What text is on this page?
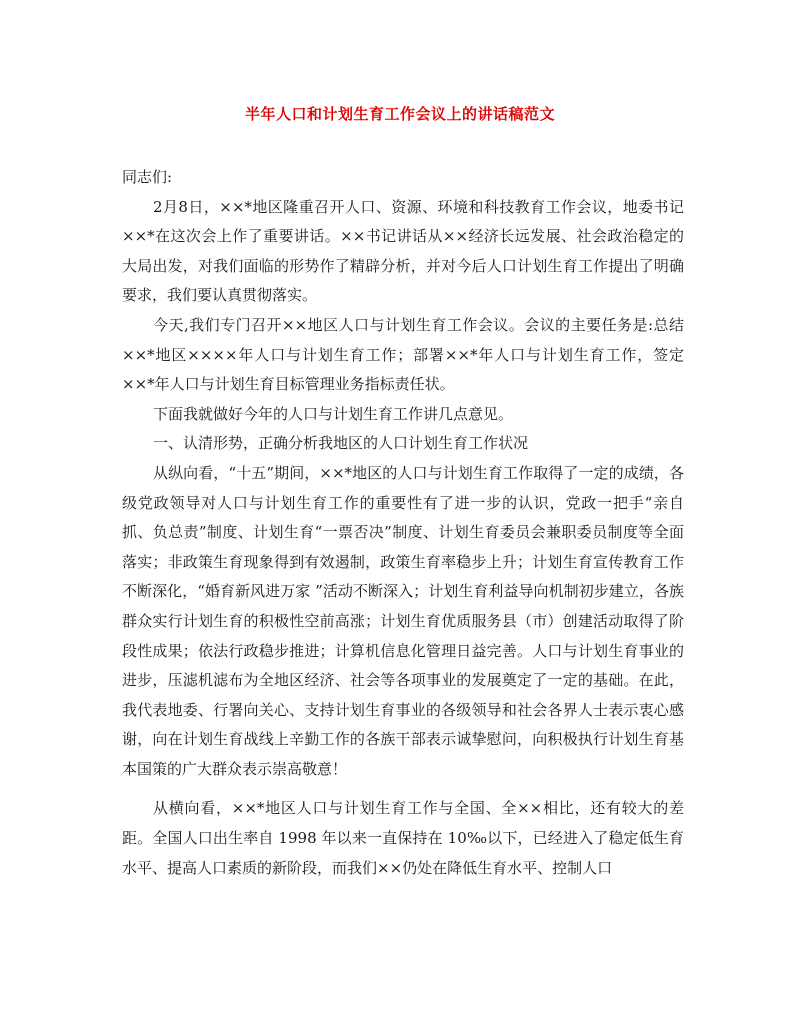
半年人口和计划生育工作会议上的讲话稿范文

同志们:

2月8日，××*地区隆重召开人口、资源、环境和科技教育工作会议，地委书记××*在这次会上作了重要讲话。××书记讲话从××经济长远发展、社会政治稳定的大局出发，对我们面临的形势作了精辟分析，并对今后人口计划生育工作提出了明确要求，我们要认真贯彻落实。

今天,我们专门召开××地区人口与计划生育工作会议。会议的主要任务是:总结××*地区××××年人口与计划生育工作；部署××*年人口与计划生育工作，签定××*年人口与计划生育目标管理业务指标责任状。

下面我就做好今年的人口与计划生育工作讲几点意见。

一、认清形势，正确分析我地区的人口计划生育工作状况

从纵向看，“十五”期间，××*地区的人口与计划生育工作取得了一定的成绩，各级党政领导对人口与计划生育工作的重要性有了进一步的认识，党政一把手“亲自抓、负总责”制度、计划生育“一票否决”制度、计划生育委员会兼职委员制度等全面落实；非政策生育现象得到有效遏制，政策生育率稳步上升；计划生育宣传教育工作不断深化，“婚育新风进万家 ”活动不断深入；计划生育利益导向机制初步建立，各族群众实行计划生育的积极性空前高涨；计划生育优质服务县（市）创建活动取得了阶段性成果；依法行政稳步推进；计算机信息化管理日益完善。人口与计划生育事业的进步，压滤机滤布为全地区经济、社会等各项事业的发展奠定了一定的基础。在此，我代表地委、行署向关心、支持计划生育事业的各级领导和社会各界人士表示衷心感谢，向在计划生育战线上辛勤工作的各族干部表示诚挚慰问，向积极执行计划生育基本国策的广大群众表示崇高敬意！

从横向看，××*地区人口与计划生育工作与全国、全××相比，还有较大的差距。全国人口出生率自 1998 年以来一直保持在 10‰以下，已经进入了稳定低生育水平、提高人口素质的新阶段，而我们××仍处在降低生育水平、控制人口
